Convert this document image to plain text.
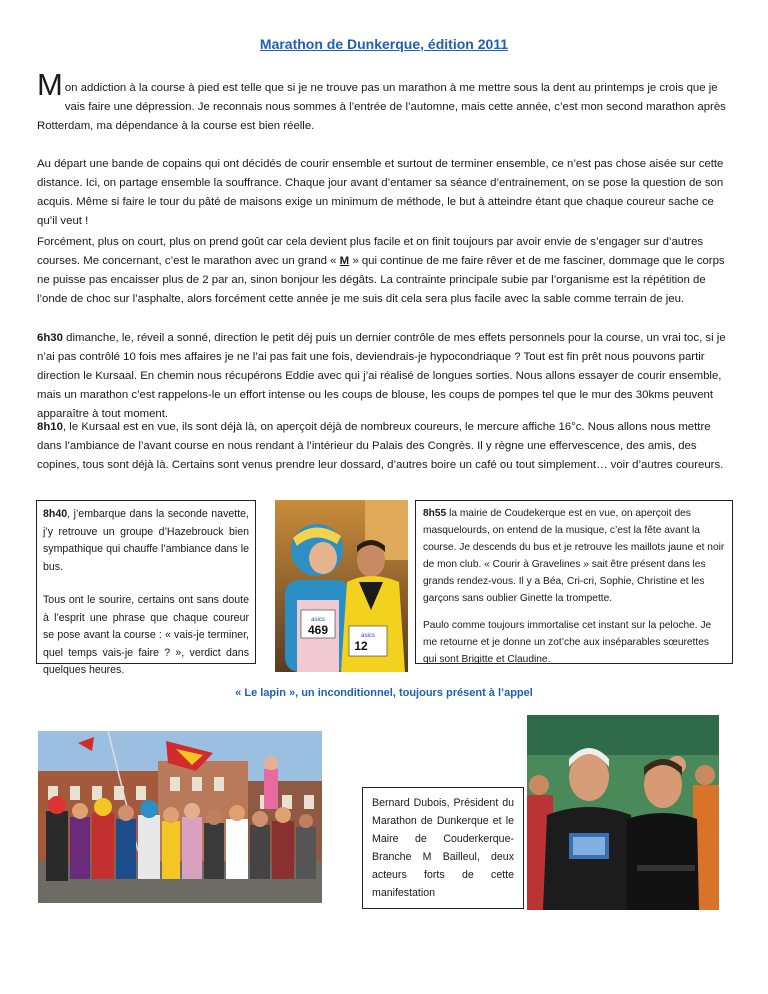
Marathon de Dunkerque, édition 2011
M on addiction à la course à pied est telle que si je ne trouve pas un marathon à me mettre sous la dent au printemps je crois que je vais faire une dépression. Je reconnais nous sommes à l’entrée de l’automne, mais cette année, c’est mon second marathon après Rotterdam, ma dépendance à la course est bien réelle.
Au départ une bande de copains qui ont décidés de courir ensemble et surtout de terminer ensemble, ce n’est pas chose aisée sur cette distance. Ici, on partage ensemble la souffrance. Chaque jour avant d’entamer sa séance d’entrainement, on se pose la question de son acquis. Même si faire le tour du pâté de maisons exige un minimum de méthode, le but à atteindre étant que chaque coureur sache ce qu’il veut !
Forcément, plus on court, plus on prend goût car cela devient plus facile et on finit toujours par avoir envie de s’engager sur d’autres courses. Me concernant, c’est le marathon avec un grand « M » qui continue de me faire rêver et de me fasciner, dommage que le corps ne puisse pas encaisser plus de 2 par an, sinon bonjour les dégâts. La contrainte principale subie par l’organisme est la répétition de l’onde de choc sur l’asphalte, alors forcément cette année je me suis dit cela sera plus facile avec la sable comme terrain de jeu.
6h30 dimanche, le, réveil a sonné, direction le petit déj puis un dernier contrôle de mes effets personnels pour la course, un vrai toc, si je n’ai pas contrôlé 10 fois mes affaires je ne l’ai pas fait une fois, deviendrais-je hypocondriaque ? Tout est fin prêt nous pouvons partir direction le Kursaal. En chemin nous récupérons Eddie avec qui j’ai réalisé de longues sorties. Nous allons essayer de courir ensemble, mais un marathon c’est rappelons-le un effort intense ou les coups de blouse, les coups de pompes tel que le mur des 30kms peuvent apparaître à tout moment.
8h10, le Kursaal est en vue, ils sont déjà là, on aperçoit déjà de nombreux coureurs, le mercure affiche 16°c. Nous allons nous mettre dans l’ambiance de l’avant course en nous rendant à l’intérieur du Palais des Congrès. Il y règne une effervescence, des amis, des copines, tous sont déjà là. Certains sont venus prendre leur dossard, d’autres boire un café ou tout simplement… voir d’autres coureurs.

8h40, j’embarque dans la seconde navette, j’y retrouve un groupe d’Hazebrouck bien sympathique qui chauffe l’ambiance dans le bus.

Tous ont le sourire, certains ont sans doute à l’esprit une phrase que chaque coureur se pose avant la course : « vais-je terminer, quel temps vais-je faire ? », verdict dans quelques heures.

asics
469	asics
12

8h55 la mairie de Coudekerque est en vue, on aperçoit des masquelourds, on entend de la musique, c’est la fête avant la course. Je descends du bus et je retrouve les maillots jaune et noir de mon club. « Courir à Gravelines » sait être présent dans les grands rendez-vous. Il y a Béa, Cri-cri, Sophie, Christine et les garçons sans oublier Ginette la trompette.

Paulo comme toujours immortalise cet instant sur la peloche. Je me retourne et je donne un zot’che aux inséparables sœurettes qui sont Brigitte et Claudine.

« Le lapin », un inconditionnel, toujours présent à l’appel

Bernard Dubois, Président du Marathon de Dunkerque et le Maire de Couderkerque-Branche M Bailleul, deux acteurs forts de cette manifestation
